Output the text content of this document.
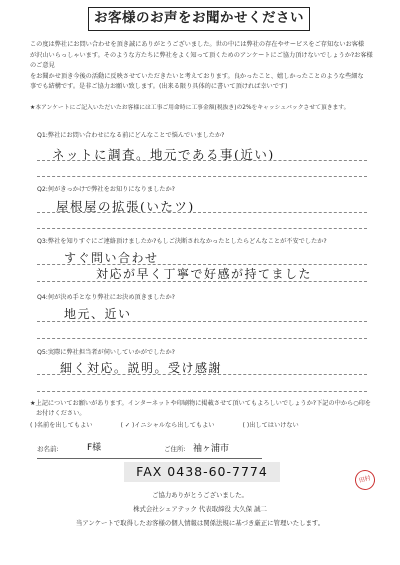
お客様のお声をお聞かせください

この度は弊社にお問い合わせを頂き誠にありがとうございました。世の中には弊社の存在やサービスをご存知ないお客様

が沢山いらっしゃいます。そのような方たちに弊社をよく知って頂くためのアンケートにご協力頂けないでしょうか?お客様のご意見

をお聞かせ頂き今後の活動に反映させていただきたいと考えております。良かったこと、嬉しかったことのような些細な

事でも結構です。是非ご協力お願い致します。(出来る限り具体的に書いて頂ければ幸いです)

★本アンケートにご記入いただいたお客様には工事ご用命時に工事金額(税抜き)の2%をキャッシュバックさせて頂きます。
Q1:弊社にお問い合わせになる前にどんなことで悩んでいましたか?
ネットに調査。地元である事(近い)
Q2:何がきっかけで弊社をお知りになりましたか?
屋根屋の拡張(いたツ)
Q3:弊社を知りすぐにご連絡頂けましたか?もしご決断されなかったとしたらどんなことが不安でしたか?
すぐ問い合わせ
対応が早く丁寧で好感が持てました
Q4:何が決め手となり弊社にお決め頂きましたか?
地元、近い
Q5:実際に弊社担当者が伺いしていかがでしたか?
細く対応。説明。受け感謝
★上記についてお願いがあります。インターネットや印刷物に掲載させて頂いてもよろしいでしょうか?下記の中から○印を
お付けください。
( )名前を出してもよい	( ✓ )イニシャルなら出してもよい	( )出してはいけない
お名前:	F様	ご住所: 袖ヶ浦市
FAX 0438-60-7774
ご協力ありがとうございました。
株式会社シェアテック 代表取締役 大久保 誠二
当アンケートで取得したお客様の個人情報は関係法規に基づき厳正に管理いたします。
田村
